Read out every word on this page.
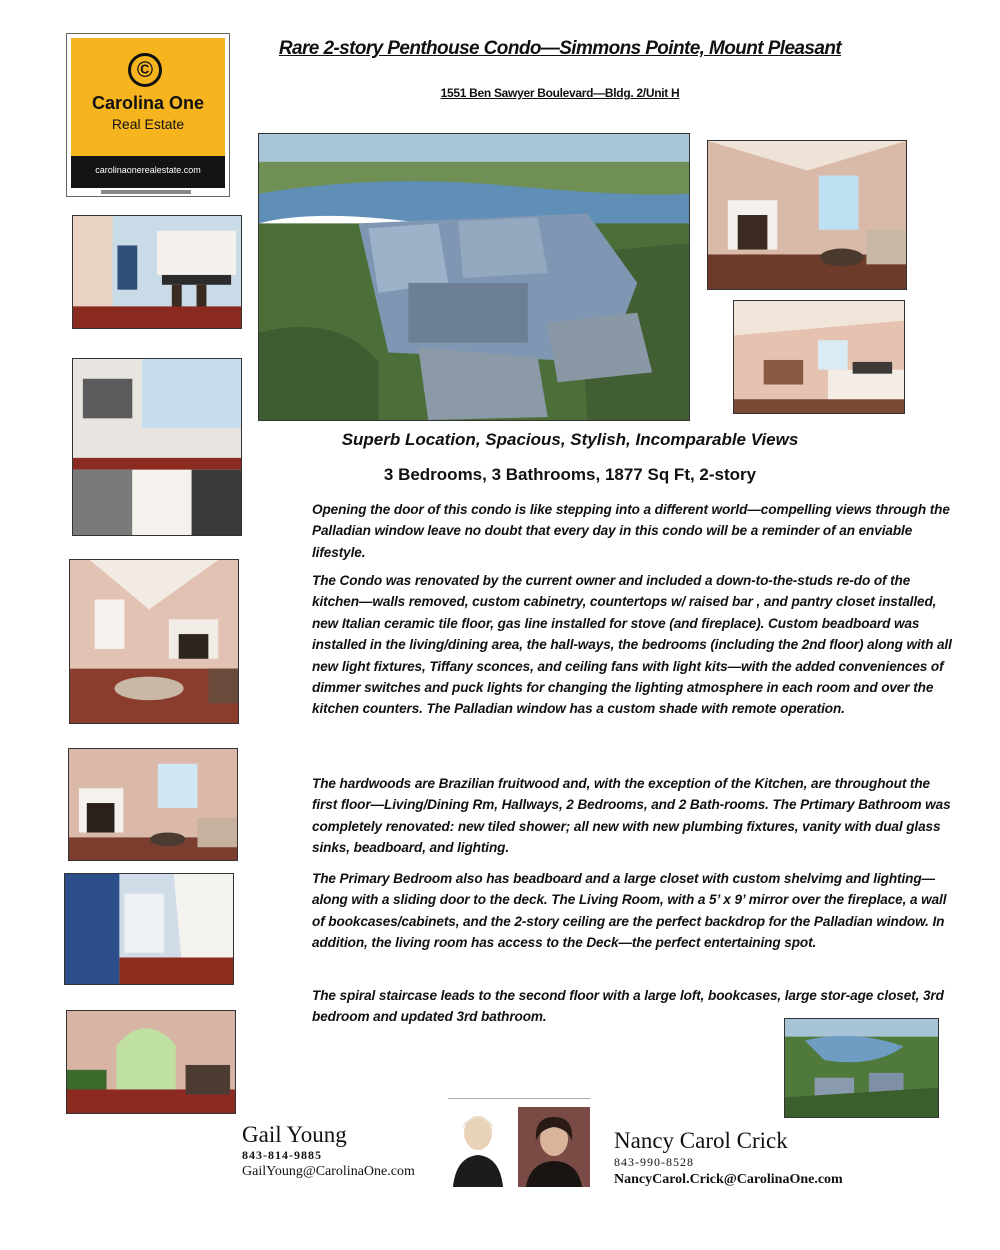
©
Carolina One
Real Estate
carolinaonerealestate.com
Rare 2-story Penthouse Condo—Simmons Pointe, Mount Pleasant
1551 Ben Sawyer Boulevard—Bldg. 2/Unit H
Superb Location, Spacious, Stylish, Incomparable Views
3 Bedrooms, 3 Bathrooms, 1877 Sq Ft, 2-story
Opening the door of this condo is like stepping into a different world—compelling views through the Palladian window leave no doubt that every day in this condo will be a reminder of an enviable lifestyle.
The Condo was renovated by the current owner and included a down-to-the-studs re-do of the kitchen—walls removed, custom cabinetry, countertops w/ raised bar , and pantry closet installed, new Italian ceramic tile floor, gas line installed for stove (and fireplace). Custom beadboard was installed in the living/dining area, the hall-ways, the bedrooms (including the 2nd floor) along with all new light fixtures, Tiffany sconces, and ceiling fans with light kits—with the added conveniences of dimmer switches and puck lights for changing the lighting atmosphere in each room and over the kitchen counters. The Palladian window has a custom shade with remote operation.
The hardwoods are Brazilian fruitwood and, with the exception of the Kitchen, are throughout the first floor—Living/Dining Rm, Hallways, 2 Bedrooms, and 2 Bath-rooms. The Prtimary Bathroom was completely renovated: new tiled shower; all new with new plumbing fixtures, vanity with dual glass sinks, beadboard, and lighting.
The Primary Bedroom also has beadboard and a large closet with custom shelvimg and lighting—along with a sliding door to the deck. The Living Room, with a 5’ x 9’ mirror over the fireplace, a wall of bookcases/cabinets, and the 2-story ceiling are the perfect backdrop for the Palladian window. In addition, the living room has access to the Deck—the perfect entertaining spot.
The spiral staircase leads to the second floor with a large loft, bookcases, large stor-age closet, 3rd bedroom and updated 3rd bathroom.
Gail Young
843-814-9885
GailYoung@CarolinaOne.com
Nancy Carol Crick
843-990-8528
NancyCarol.Crick@CarolinaOne.com
